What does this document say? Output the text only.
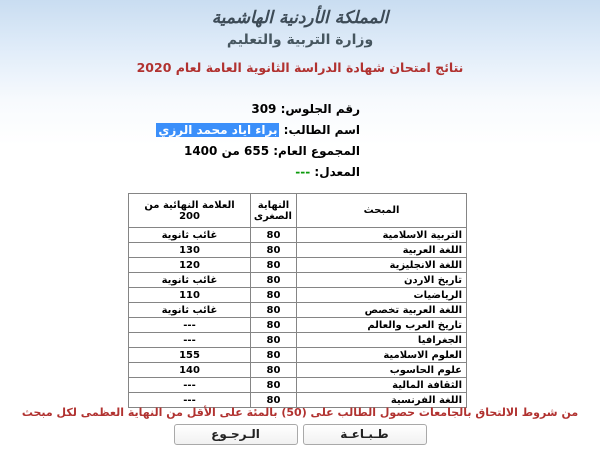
المملكة الأردنية الهاشمية
وزارة التربية والتعليم
نتائج امتحان شهادة الدراسة الثانوية العامة لعام 2020
رقم الجلوس: 309
اسم الطالب: براء اياد محمد الرزي
المجموع العام: 655 من 1400
المعدل: ---
المبحث	النهاية الصغرى	العلامة النهائية من 200
التربية الاسلامية	80	غائب ثانوية
اللغة العربية	80	130
اللغة الانجليزية	80	120
تاريخ الاردن	80	غائب ثانوية
الرياضيات	80	110
اللغة العربية تخصص	80	غائب ثانوية
تاريخ العرب والعالم	80	---
الجغرافيا	80	---
العلوم الاسلامية	80	155
علوم الحاسوب	80	140
الثقافة المالية	80	---
اللغة الفرنسية	80	---
من شروط الالتحاق بالجامعات حصول الطالب على (50) بالمئة على الأقل من النهاية العظمى لكل مبحث
طـبـاعـة
الـرجـوع
